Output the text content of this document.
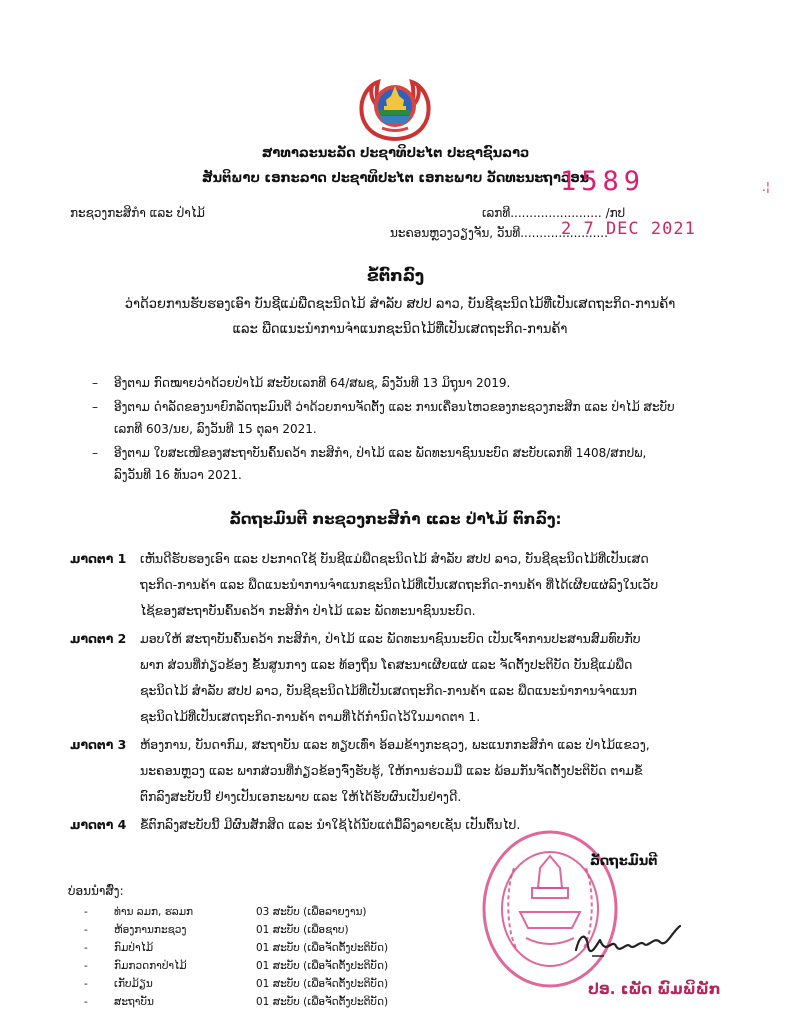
ສາທາລະນະລັດ ປະຊາທິປະໄຕ ປະຊາຊົນລາວ
ສັນຕິພາບ ເອກະລາດ ປະຊາທິປະໄຕ ເອກະພາບ ວັດທະນະຖາວອນ
1589	.¦
ກະຊວງກະສິກຳ ແລະ ປ່າໄມ້	ເລກທີ........................ /ກປ
ນະຄອນຫຼວງວຽງຈັນ, ວັນທີ.......................
2 7 DEC 2021
ຂໍ້ຕົກລົງ
ວ່າດ້ວຍການຮັບຮອງເອົາ ບັນຊີແມ່ພືດຊະນິດໄມ້ ສຳລັບ ສປປ ລາວ, ບັນຊີຊະນິດໄມ້ທີ່ເປັນເສດຖະກິດ-ການຄ້າ
ແລະ ພືດແນະນຳການຈຳແນກຊະນິດໄມ້ທີ່ເປັນເສດຖະກິດ-ການຄ້າ
– ອີງຕາມ ກົດໝາຍວ່າດ້ວຍປ່າໄມ້ ສະບັບເລກທີ 64/ສພຊ, ລົງວັນທີ 13 ມິຖຸນາ 2019.
– ອີງຕາມ ດຳລັດຂອງນາຍົກລັດຖະມົນຕີ ວ່າດ້ວຍການຈັດຕັ້ງ ແລະ ການເຄື່ອນໄຫວຂອງກະຊວງກະສິກ ແລະ ປ່າໄມ້ ສະບັບ
ເລກທີ 603/ນຍ, ລົງວັນທີ 15 ຕຸລາ 2021.
– ອີງຕາມ ໃບສະເໜີຂອງສະຖາບັນຄົ້ນຄວ້າ ກະສິກຳ, ປ່າໄມ້ ແລະ ພັດທະນາຊົນນະບົດ ສະບັບເລກທີ 1408/ສກປພ,
ລົງວັນທີ 16 ທັນວາ 2021.
ລັດຖະມົນຕີ ກະຊວງກະສິກຳ ແລະ ປ່າໄມ້ ຕົກລົງ:
ມາດຕາ 1 ເຫັນດີຮັບຮອງເອົາ ແລະ ປະກາດໃຊ້ ບັນຊີແມ່ພືດຊະນິດໄມ້ ສຳລັບ ສປປ ລາວ, ບັນຊີຊະນິດໄມ້ທີ່ເປັນເສດ
ຖະກິດ-ການຄ້າ ແລະ ພືດແນະນຳການຈຳແນກຊະນິດໄມ້ທີ່ເປັນເສດຖະກິດ-ການຄ້າ ທີ່ໄດ້ເຜີຍແຜ່ລົງໃນເວັບ
ໄຊ້ຂອງສະຖາບັນຄົ້ນຄວ້າ ກະສິກຳ ປ່າໄມ້ ແລະ ພັດທະນາຊົນນະບົດ.
ມາດຕາ 2 ມອບໃຫ້ ສະຖາບັນຄົ້ນຄວ້າ ກະສິກຳ, ປ່າໄມ້ ແລະ ພັດທະນາຊົນນະບົດ ເປັນເຈົ້າການປະສານສົມທົບກັບ
ພາກ ສ່ວນທີ່ກ່ຽວຂ້ອງ ຂັ້ນສູນກາງ ແລະ ທ້ອງຖິ່ນ ໂຄສະນາເຜີຍແຜ່ ແລະ ຈັດຕັ້ງປະຕິບັດ ບັນຊີແມ່ພືດ
ຊະນິດໄມ້ ສຳລັບ ສປປ ລາວ, ບັນຊີຊະນິດໄມ້ທີ່ເປັນເສດຖະກິດ-ການຄ້າ ແລະ ພືດແນະນຳການຈຳແນກ
ຊະນິດໄມ້ທີ່ເປັນເສດຖະກິດ-ການຄ້າ ຕາມທີ່ໄດ້ກຳນົດໄວ້ໃນມາດຕາ 1.
ມາດຕາ 3 ຫ້ອງການ, ບັນດາກົມ, ສະຖາບັນ ແລະ ທຽບເທົ່າ ອ້ອມຂ້າງກະຊວງ, ພະແນກກະສິກຳ ແລະ ປ່າໄມ້ແຂວງ,
ນະຄອນຫຼວງ ແລະ ພາກສ່ວນທີ່ກ່ຽວຂ້ອງຈົ່ງຮັບຮູ້, ໃຫ້ການຮ່ວມມື ແລະ ພ້ອມກັນຈັດຕັ້ງປະຕິບັດ ຕາມຂໍ້
ຕົກລົງສະບັບນີ້ ຢ່າງເປັນເອກະພາບ ແລະ ໃຫ້ໄດ້ຮັບຜົນເປັນຢ່າງດີ.
ມາດຕາ 4 ຂໍ້ຕົກລົງສະບັບນີ້ ມີຜົນສັກສິດ ແລະ ນຳໃຊ້ໄດ້ນັບແຕ່ມື້ລົງລາຍເຊັນ ເປັນຕົ້ນໄປ.
ລັດຖະມົນຕີ
ປອ. ເພັດ ພົມພິພັກ
ບ່ອນນຳສົ່ງ:
- ທ່ານ ລມກ, ຮລມກ	03 ສະບັບ (ເພື່ອລາຍງານ)
- ຫ້ອງການກະຊວງ	01 ສະບັບ (ເພື່ອຊາບ)
- ກົມປ່າໄມ້	01 ສະບັບ (ເພື່ອຈັດຕັ້ງປະຕິບັດ)
- ກົມກວດກາປ່າໄມ້	01 ສະບັບ (ເພື່ອຈັດຕັ້ງປະຕິບັດ)
- ເກັບມ້ຽນ	01 ສະບັບ (ເພື່ອຈັດຕັ້ງປະຕິບັດ)
- ສະຖາບັນ	01 ສະບັບ (ເພື່ອຈັດຕັ້ງປະຕິບັດ)
